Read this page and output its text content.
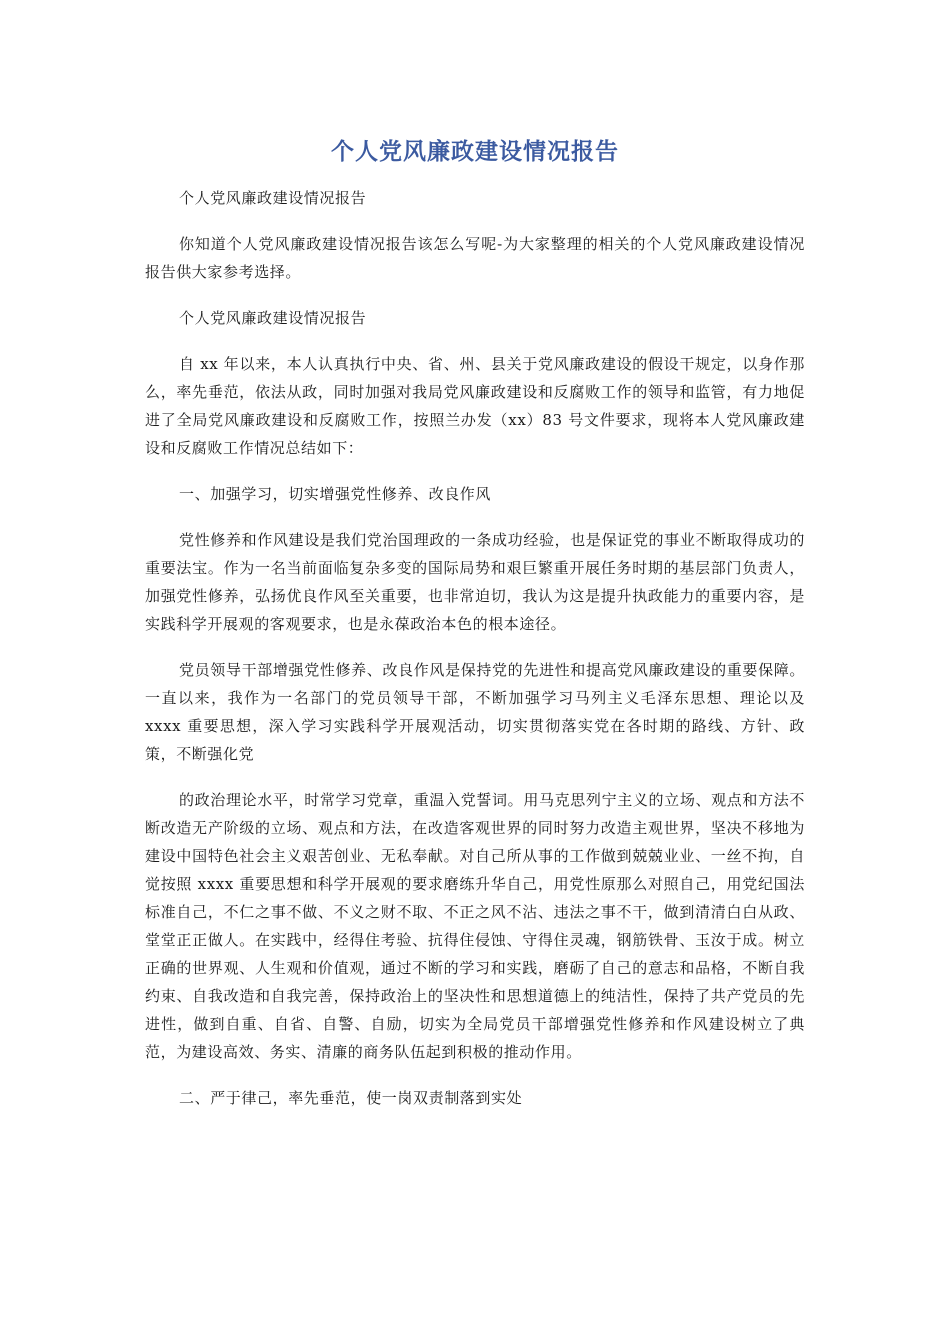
个人党风廉政建设情况报告

个人党风廉政建设情况报告

你知道个人党风廉政建设情况报告该怎么写呢-为大家整理的相关的个人党风廉政建设情况报告供大家参考选择。

个人党风廉政建设情况报告

自 xx 年以来，本人认真执行中央、省、州、县关于党风廉政建设的假设干规定，以身作那么，率先垂范，依法从政，同时加强对我局党风廉政建设和反腐败工作的领导和监管，有力地促进了全局党风廉政建设和反腐败工作，按照兰办发（xx）83 号文件要求，现将本人党风廉政建设和反腐败工作情况总结如下：

一、加强学习，切实增强党性修养、改良作风

党性修养和作风建设是我们党治国理政的一条成功经验，也是保证党的事业不断取得成功的重要法宝。作为一名当前面临复杂多变的国际局势和艰巨繁重开展任务时期的基层部门负责人，加强党性修养，弘扬优良作风至关重要，也非常迫切，我认为这是提升执政能力的重要内容，是实践科学开展观的客观要求，也是永葆政治本色的根本途径。

党员领导干部增强党性修养、改良作风是保持党的先进性和提高党风廉政建设的重要保障。一直以来，我作为一名部门的党员领导干部，不断加强学习马列主义毛泽东思想、理论以及 xxxx 重要思想，深入学习实践科学开展观活动，切实贯彻落实党在各时期的路线、方针、政策，不断强化党

的政治理论水平，时常学习党章，重温入党誓词。用马克思列宁主义的立场、观点和方法不断改造无产阶级的立场、观点和方法，在改造客观世界的同时努力改造主观世界，坚决不移地为建设中国特色社会主义艰苦创业、无私奉献。对自己所从事的工作做到兢兢业业、一丝不拘，自觉按照 xxxx 重要思想和科学开展观的要求磨练升华自己，用党性原那么对照自己，用党纪国法标准自己，不仁之事不做、不义之财不取、不正之风不沾、违法之事不干，做到清清白白从政、堂堂正正做人。在实践中，经得住考验、抗得住侵蚀、守得住灵魂，钢筋铁骨、玉汝于成。树立正确的世界观、人生观和价值观，通过不断的学习和实践，磨砺了自己的意志和品格，不断自我约束、自我改造和自我完善，保持政治上的坚决性和思想道德上的纯洁性，保持了共产党员的先进性，做到自重、自省、自警、自励，切实为全局党员干部增强党性修养和作风建设树立了典范，为建设高效、务实、清廉的商务队伍起到积极的推动作用。

二、严于律己，率先垂范，使一岗双责制落到实处
